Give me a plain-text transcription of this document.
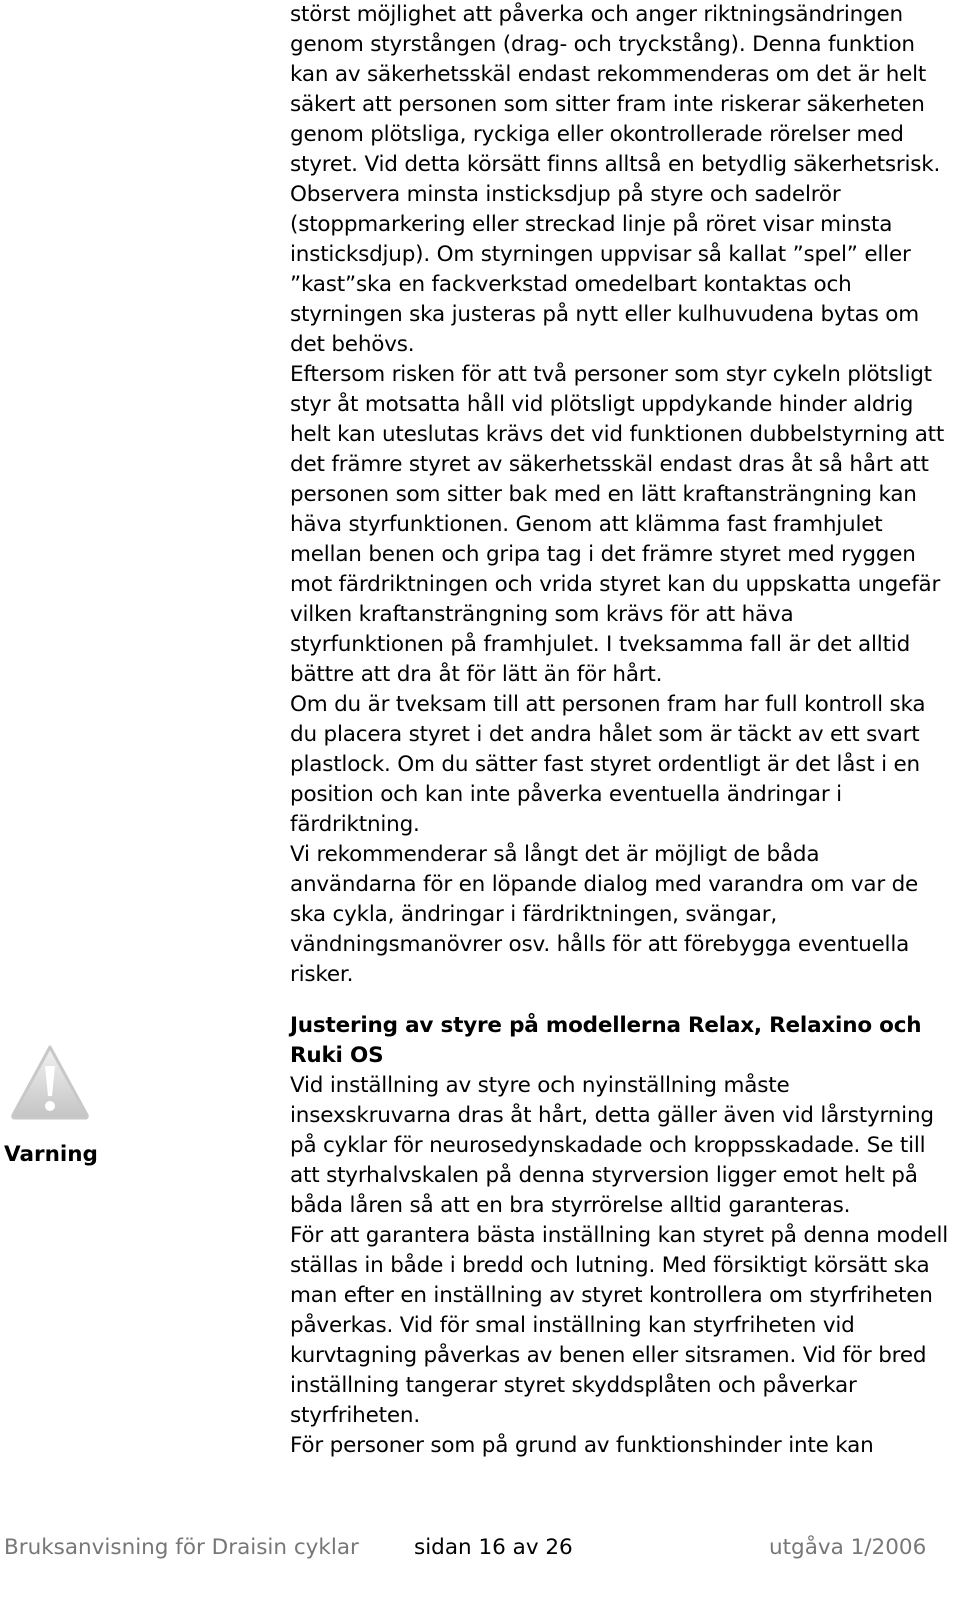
störst möjlighet att påverka och anger riktningsändringen genom styrstången (drag- och tryckstång). Denna funktion kan av säkerhetsskäl endast rekommenderas om det är helt säkert att personen som sitter fram inte riskerar säkerheten genom plötsliga, ryckiga eller okontrollerade rörelser med styret. Vid detta körsätt finns alltså en betydlig säkerhetsrisk. Observera minsta insticksdjup på styre och sadelrör (stoppmarkering eller streckad linje på röret visar minsta insticksdjup). Om styrningen uppvisar så kallat ”spel” eller ”kast”ska en fackverkstad omedelbart kontaktas och styrningen ska justeras på nytt eller kulhuvudena bytas om det behövs.

Eftersom risken för att två personer som styr cykeln plötsligt styr åt motsatta håll vid plötsligt uppdykande hinder aldrig helt kan uteslutas krävs det vid funktionen dubbelstyrning att det främre styret av säkerhetsskäl endast dras åt så hårt att personen som sitter bak med en lätt kraftansträngning kan häva styrfunktionen. Genom att klämma fast framhjulet mellan benen och gripa tag i det främre styret med ryggen mot färdriktningen och vrida styret kan du uppskatta ungefär vilken kraftansträngning som krävs för att häva styrfunktionen på framhjulet. I tveksamma fall är det alltid bättre att dra åt för lätt än för hårt.

Om du är tveksam till att personen fram har full kontroll ska du placera styret i det andra hålet som är täckt av ett svart plastlock. Om du sätter fast styret ordentligt är det låst i en position och kan inte påverka eventuella ändringar i färdriktning.

Vi rekommenderar så långt det är möjligt de båda användarna för en löpande dialog med varandra om var de ska cykla, ändringar i färdriktningen, svängar, vändningsmanövrer osv. hålls för att förebygga eventuella risker.

Justering av styre på modellerna Relax, Relaxino och Ruki OS

Vid inställning av styre och nyinställning måste insexskruvarna dras åt hårt, detta gäller även vid lårstyrning på cyklar för neurosedynskadade och kroppsskadade. Se till att styrhalvskalen på denna styrversion ligger emot helt på båda låren så att en bra styrrörelse alltid garanteras.

För att garantera bästa inställning kan styret på denna modell ställas in både i bredd och lutning. Med försiktigt körsätt ska man efter en inställning av styret kontrollera om styrfriheten påverkas. Vid för smal inställning kan styrfriheten vid kurvtagning påverkas av benen eller sitsramen. Vid för bred inställning tangerar styret skyddsplåten och påverkar styrfriheten.

För personer som på grund av funktionshinder inte kan

Varning
Bruksanvisning för Draisin cyklar	sidan 16 av 26	utgåva 1/2006
